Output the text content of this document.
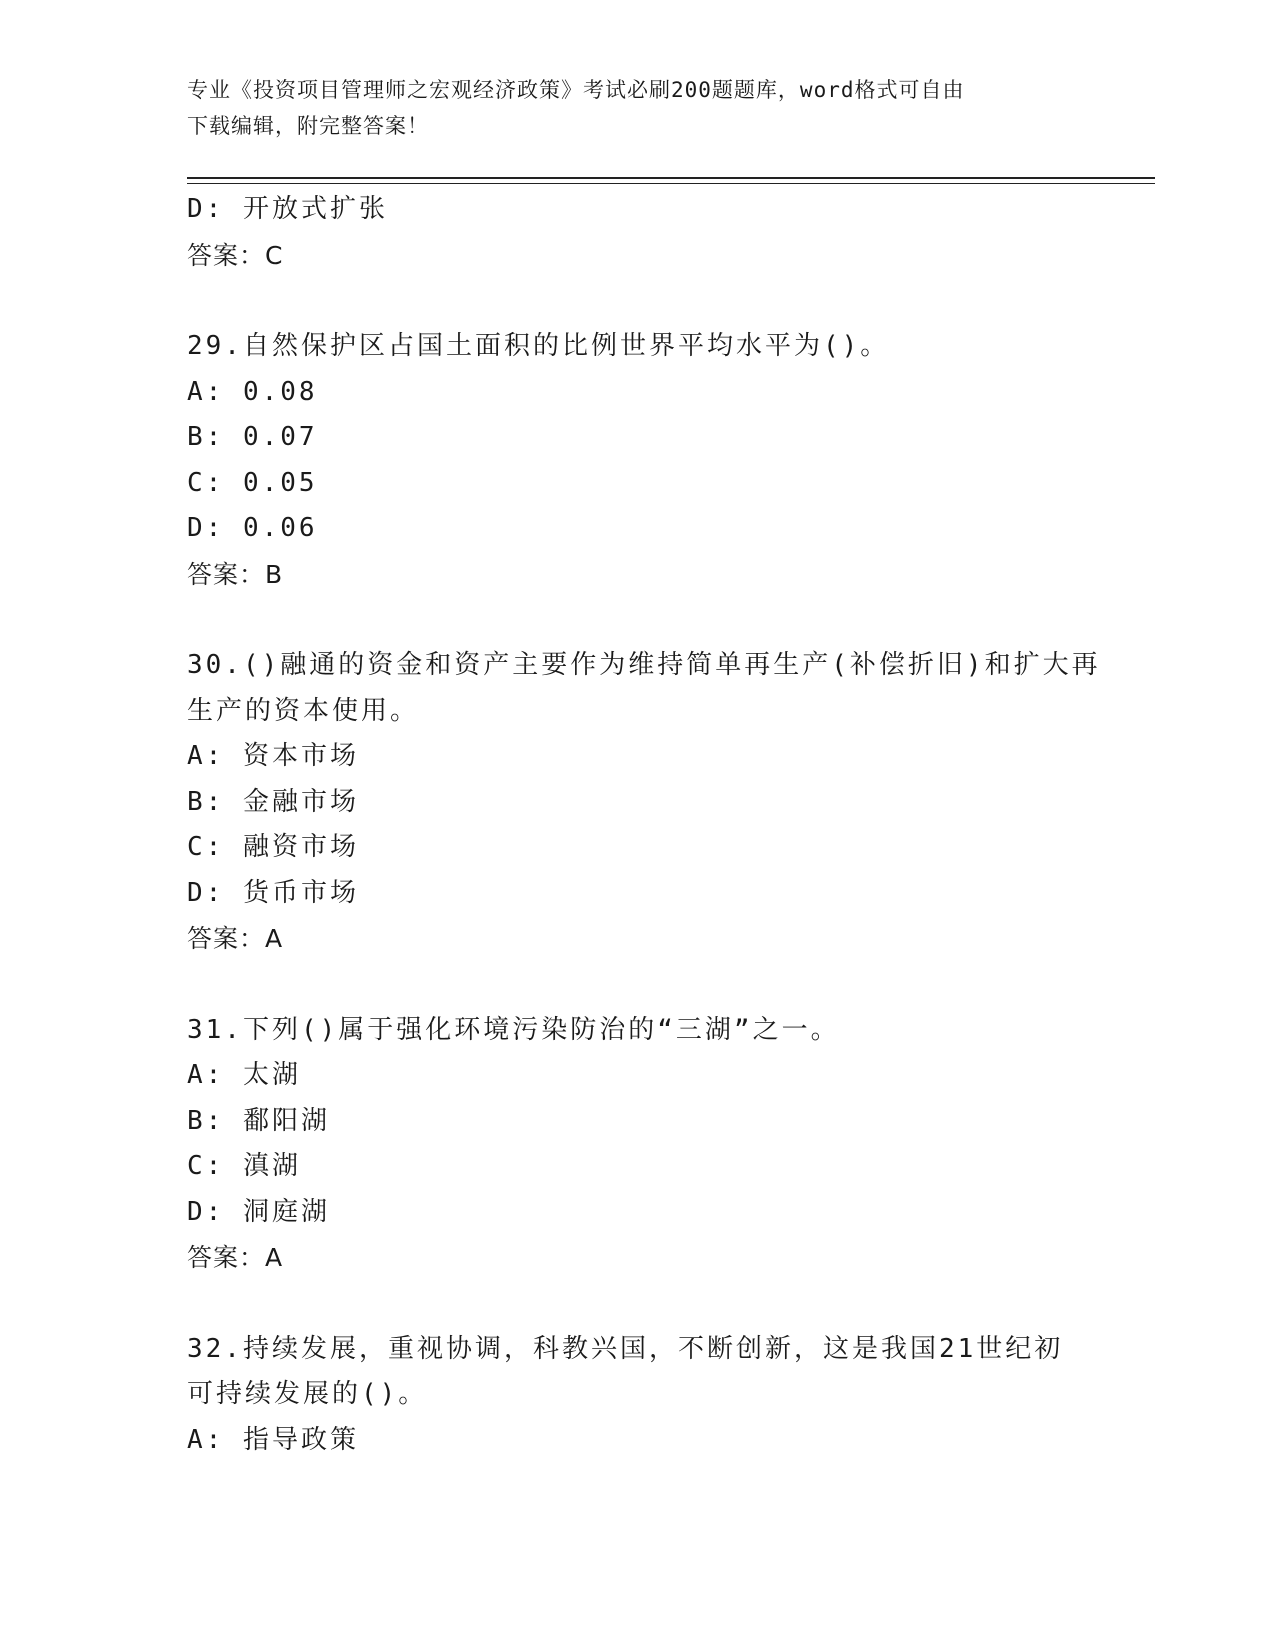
专业《投资项目管理师之宏观经济政策》考试必刷200题题库，word格式可自由
下载编辑，附完整答案！
D: 开放式扩张
答案：C
29.自然保护区占国土面积的比例世界平均水平为()。
A: 0.08
B: 0.07
C: 0.05
D: 0.06
答案：B
30.()融通的资金和资产主要作为维持简单再生产(补偿折旧)和扩大再
生产的资本使用。
A: 资本市场
B: 金融市场
C: 融资市场
D: 货币市场
答案：A
31.下列()属于强化环境污染防治的“三湖”之一。
A: 太湖
B: 鄱阳湖
C: 滇湖
D: 洞庭湖
答案：A
32.持续发展，重视协调，科教兴国，不断创新，这是我国21世纪初
可持续发展的()。
A: 指导政策
